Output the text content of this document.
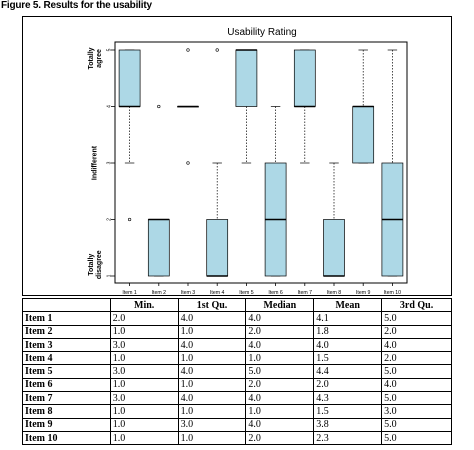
Figure 5. Results for the usability
Usability Rating
1
2
3
4
5
Totallyagree
Indifferent
Totallydisagree
Item 1	Item 2	Item 3	Item 4	Item 5	Item 6	Item 7	Item 8	Item 9	Item 10
	Min.	1st Qu.	Median	Mean	3rd Qu.
Item 1	2.0	4.0	4.0	4.1	5.0
Item 2	1.0	1.0	2.0	1.8	2.0
Item 3	3.0	4.0	4.0	4.0	4.0
Item 4	1.0	1.0	1.0	1.5	2.0
Item 5	3.0	4.0	5.0	4.4	5.0
Item 6	1.0	1.0	2.0	2.0	4.0
Item 7	3.0	4.0	4.0	4.3	5.0
Item 8	1.0	1.0	1.0	1.5	3.0
Item 9	1.0	3.0	4.0	3.8	5.0
Item 10	1.0	1.0	2.0	2.3	5.0
